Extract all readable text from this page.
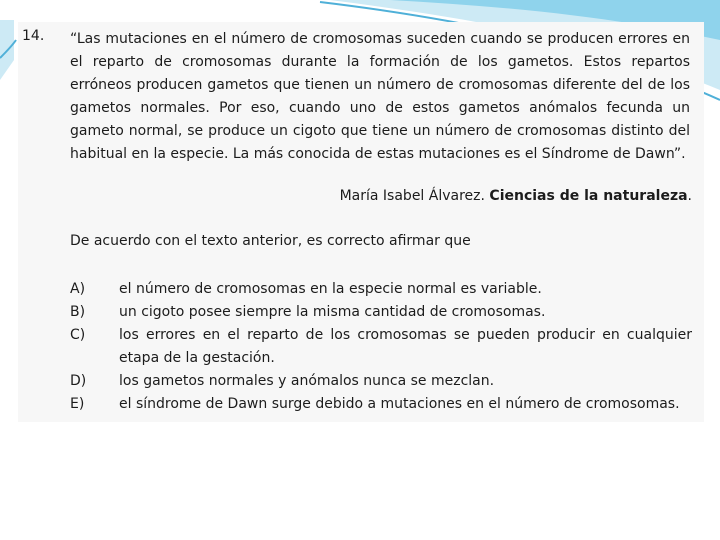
14. “Las mutaciones en el número de cromosomas suceden cuando se producen errores en el reparto de cromosomas durante la formación de los gametos. Estos repartos erróneos producen gametos que tienen un número de cromosomas diferente del de los gametos normales. Por eso, cuando uno de estos gametos anómalos fecunda un gameto normal, se produce un cigoto que tiene un número de cromosomas distinto del habitual en la especie. La más conocida de estas mutaciones es el Síndrome de Dawn”.

María Isabel Álvarez. Ciencias de la naturaleza.

De acuerdo con el texto anterior, es correcto afirmar que

A)	el número de cromosomas en la especie normal es variable.
B)	un cigoto posee siempre la misma cantidad de cromosomas.
C)	los errores en el reparto de los cromosomas se pueden producir en cualquier etapa de la gestación.
D)	los gametos normales y anómalos nunca se mezclan.
E)	el síndrome de Dawn surge debido a mutaciones en el número de cromosomas.
